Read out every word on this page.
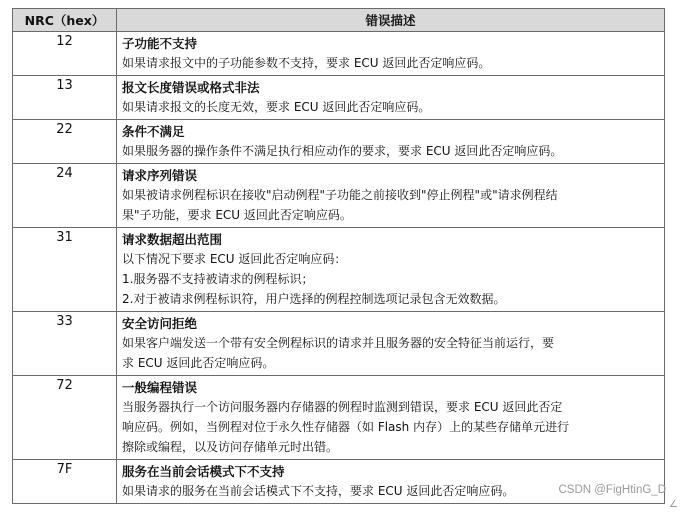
NRC（hex）	错误描述
12	子功能不支持
如果请求报文中的子功能参数不支持，要求 ECU 返回此否定响应码。

13	报文长度错误或格式非法
如果请求报文的长度无效，要求 ECU 返回此否定响应码。

22	条件不满足
如果服务器的操作条件不满足执行相应动作的要求，要求 ECU 返回此否定响应码。

24	请求序列错误
如果被请求例程标识在接收"启动例程"子功能之前接收到"停止例程"或"请求例程结
果"子功能，要求 ECU 返回此否定响应码。

31	请求数据超出范围
以下情况下要求 ECU 返回此否定响应码：
1.服务器不支持被请求的例程标识；
2.对于被请求例程标识符，用户选择的例程控制选项记录包含无效数据。

33	安全访问拒绝
如果客户端发送一个带有安全例程标识的请求并且服务器的安全特征当前运行，要
求 ECU 返回此否定响应码。

72	一般编程错误
当服务器执行一个访问服务器内存储器的例程时监测到错误，要求 ECU 返回此否定
响应码。例如，当例程对位于永久性存储器（如 Flash 内存）上的某些存储单元进行
擦除或编程，以及访问存储单元时出错。

7F	服务在当前会话模式下不支持
如果请求的服务在当前会话模式下不支持，要求 ECU 返回此否定响应码。	CSDN @FigHtinG_D
∠
